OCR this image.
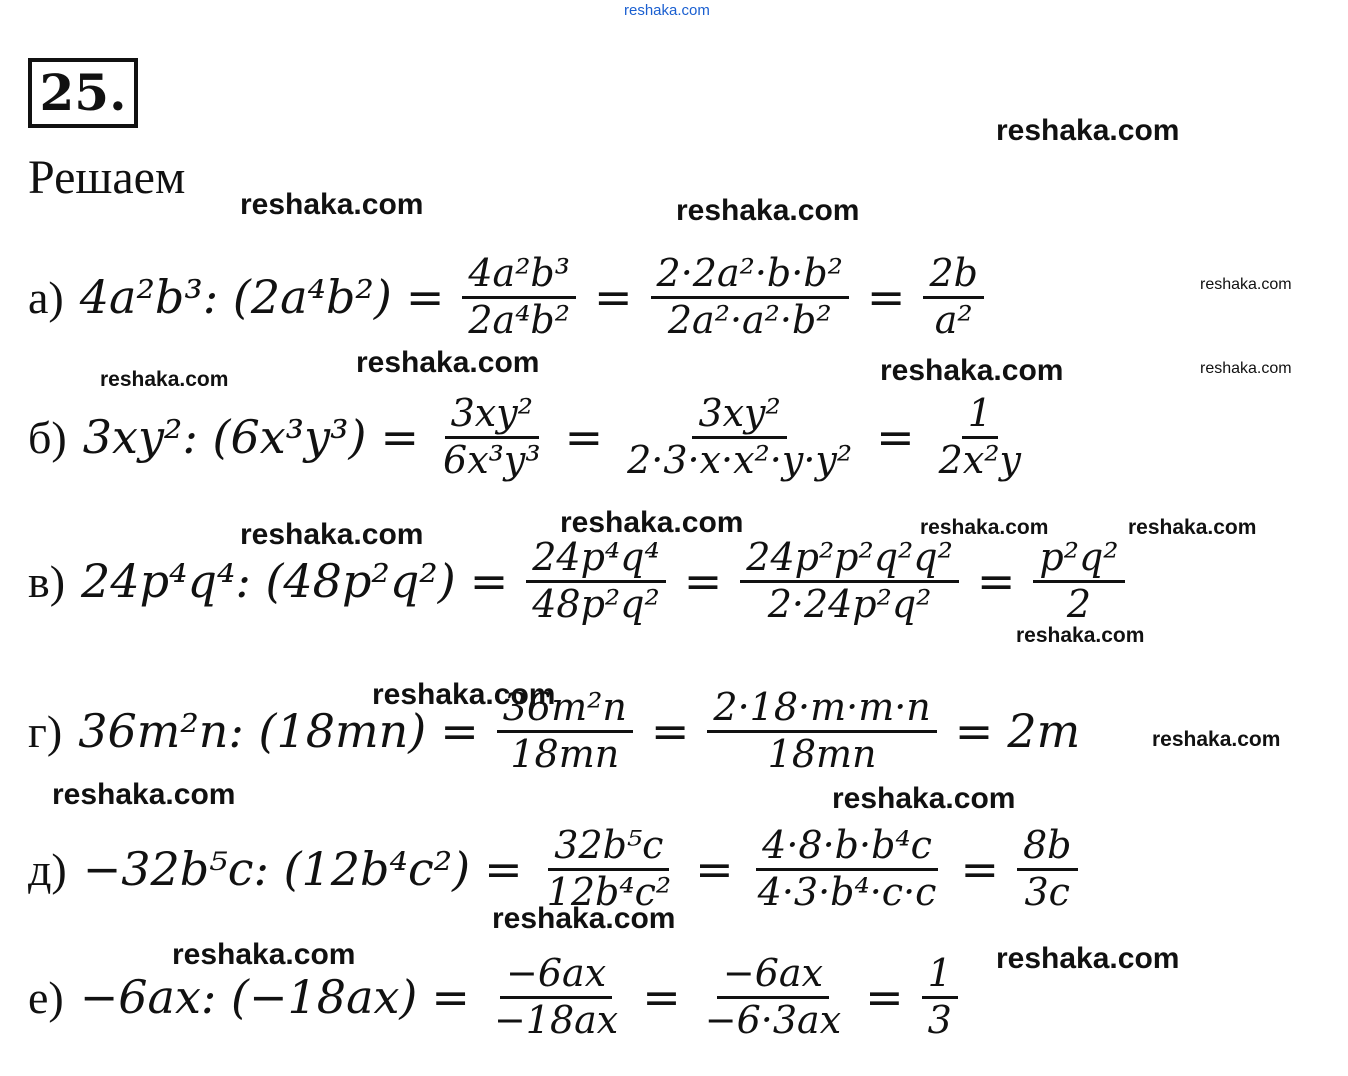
reshaka.com
reshaka.com
reshaka.com	reshaka.com
reshaka.com
reshaka.com	reshaka.com
reshaka.com	reshaka.com
reshaka.com	reshaka.com	reshaka.com	reshaka.com
reshaka.com
reshaka.com
reshaka.com
reshaka.com	reshaka.com
reshaka.com
reshaka.com	reshaka.com
25.
Решаем
а) 4a²b³: $(2a^4b^2) = \frac{\text{4a²b³}}{\text{2a⁴b²}} = \frac{\text{2·2a²·b·b²}}{\text{2a²·a²·b²}} = \frac{2b}{\text{a²}}$
б) 3xy²: $(6x^3y^3) = \frac{\text{3xy²}}{\text{6x³y³}} = \frac{\text{3xy²}}{\text{2·3·x·x²·y·y²}} = \frac{1}{\text{2x²y}}$
в) 24p⁴q⁴: $(48p^2q^2) = \frac{\text{24p⁴q⁴}}{\text{48p²q²}} = \frac{\text{24p²p²q²q²}}{\text{2·24p²q²}} = \frac{\text{p²q²}}{2}$
г) 36m²n: $(18mn) = \frac{\text{36m²n}}{18mn} = \frac{2\cdot 18\cdot m\cdot m\cdot n}{18mn} = 2m$
д) −32b⁵c: $(12b^4c^2) = \frac{\text{32b⁵c}}{\text{12b⁴c²}} = \frac{\text{4·8·b·b⁴c}}{\text{4·3·b⁴·c·c}} = \frac{8b}{3c}$
е) −6ax: $(-18ax) = \frac{-6ax}{-18ax} = \frac{-6ax}{-6\cdot 3ax} = \frac{1}{3}$
